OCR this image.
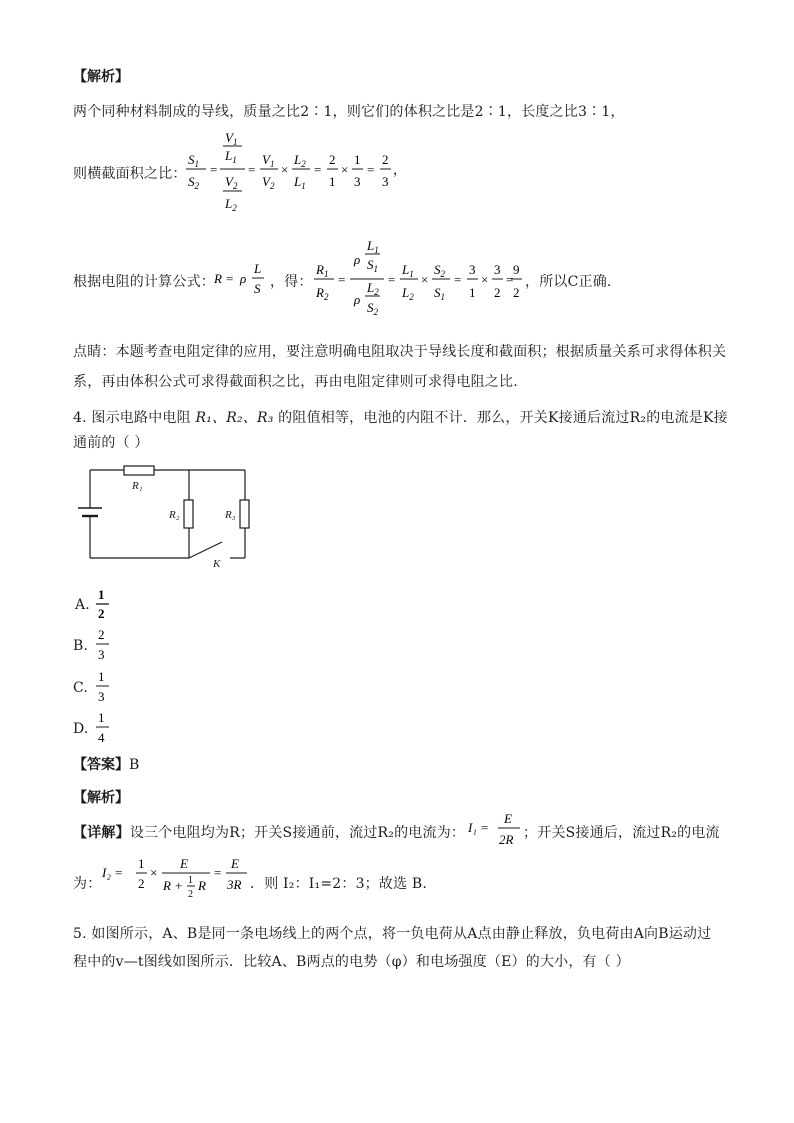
【解析】
两个同种材料制成的导线，质量之比2∶1，则它们的体积之比是2∶1，长度之比3∶1，
则横截面积之比：
$S_1$
$S_2$
=
$V_1$
$L_1$
$V_2$
$L_2$
=
$V_1$
$V_2$
×
$L_2$
$L_1$
=
2
1
×
1
3
=
2
3
，
根据电阻的计算公式： R = ρ
L
S ，得：
$R_1$
$R_2$
=
ρ
$L_1$
$S_1$
ρ
$L_2$
$S_2$
=
$L_1$
$L_2$
×
$S_2$
$S_1$
=
3
1
×
3
2
=
9
2
，所以C正确.
点睛：本题考查电阻定律的应用，要注意明确电阻取决于导线长度和截面积；根据质量关系可求得体积关
系，再由体积公式可求得截面积之比，再由电阻定律则可求得电阻之比.
4. 图示电路中电阻 R₁、R₂、R₃ 的阻值相等，电池的内阻不计．那么，开关K接通后流过R₂的电流是K接
通前的（ ）
R₁
R₂	R₃
K
A.
1
2
B.
2
3
C.
1
3
D.
1
4
【答案】B
【解析】
【详解】设三个电阻均为R；开关S接通前，流过R₂的电流为： I₁ =
E
2R ；开关S接通后，流过R₂的电流
为：
I₂ =
1
2
×
E
R + 1
2
R
=
E
3R ．则 I₂：I₁=2：3；故选 B.
5. 如图所示，A、B是同一条电场线上的两个点，将一负电荷从A点由静止释放，负电荷由A向B运动过
程中的v—t图线如图所示．比较A、B两点的电势（φ）和电场强度（E）的大小，有（ ）
